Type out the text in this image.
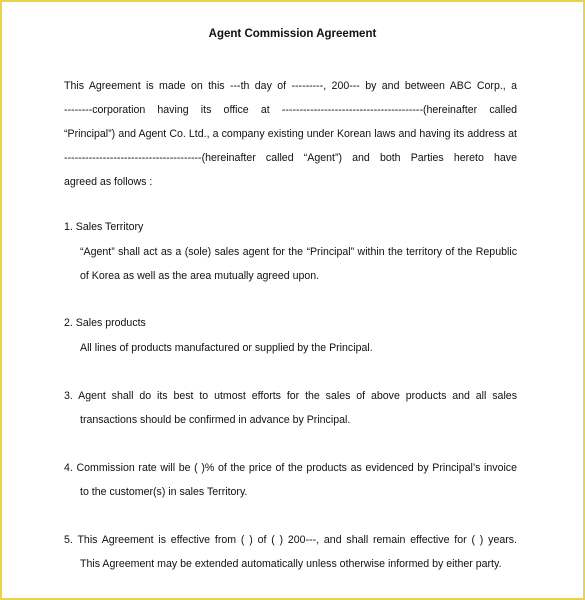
Agent Commission Agreement
This Agreement is made on this ---th day of ---------, 200--- by and between ABC Corp., a
--------corporation having its office at ----------------------------------------(hereinafter called
“Principal”) and Agent Co. Ltd., a company existing under Korean laws and having its address at
---------------------------------------(hereinafter called “Agent”) and both Parties hereto have
agreed as follows :
1. Sales Territory
“Agent” shall act as a (sole) sales agent for the “Principal” within the territory of the Republic
of Korea as well as the area mutually agreed upon.
2. Sales products
All lines of products manufactured or supplied by the Principal.
3. Agent shall do its best to utmost efforts for the sales of above products and all sales
transactions should be confirmed in advance by Principal.
4. Commission rate will be ( )% of the price of the products as evidenced by Principal’s invoice
to the customer(s) in sales Territory.
5. This Agreement is effective from ( ) of ( ) 200---, and shall remain effective for ( ) years.
This Agreement may be extended automatically unless otherwise informed by either party.
